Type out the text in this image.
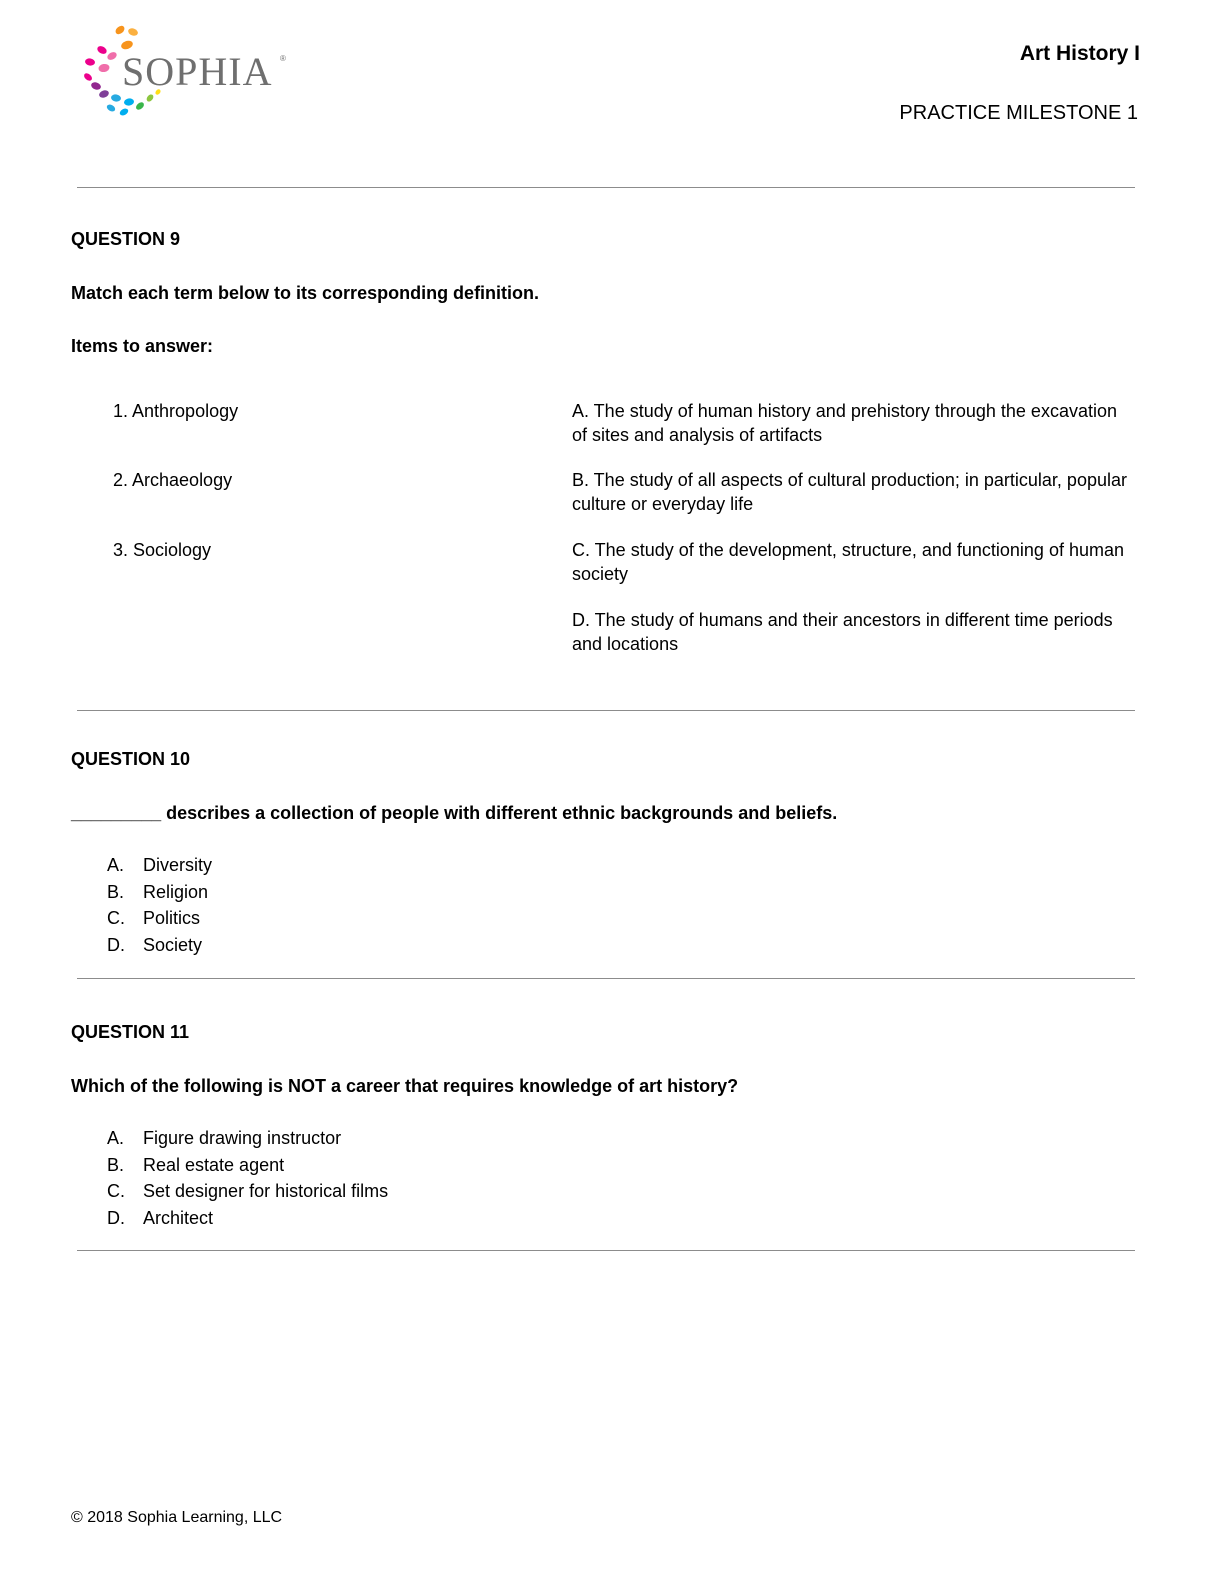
SOPHIA ®	Art History I
PRACTICE MILESTONE 1
QUESTION 9
Match each term below to its corresponding definition.
Items to answer:
1. Anthropology
2. Archaeology
3. Sociology
A. The study of human history and prehistory through the excavation of sites and analysis of artifacts
B. The study of all aspects of cultural production; in particular, popular culture or everyday life
C. The study of the development, structure, and functioning of human society
D. The study of humans and their ancestors in different time periods and locations
QUESTION 10
_________ describes a collection of people with different ethnic backgrounds and beliefs.
A. Diversity
B. Religion
C. Politics
D. Society
QUESTION 11
Which of the following is NOT a career that requires knowledge of art history?
A. Figure drawing instructor
B. Real estate agent
C. Set designer for historical films
D. Architect
© 2018 Sophia Learning, LLC
